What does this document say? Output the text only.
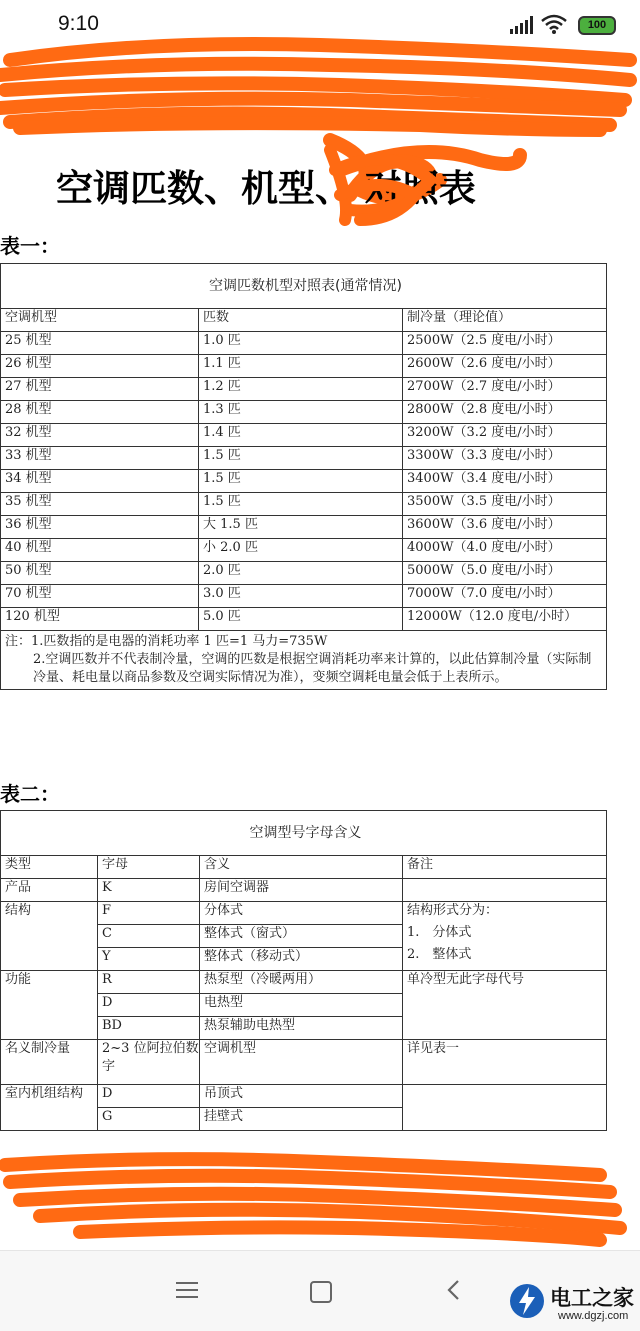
9:10	100
空调匹数、机型、 对照表
表一：
空调匹数机型对照表(通常情况)		
空调机型	匹数	制冷量（理论值）
25 机型	1.0 匹	2500W（2.5 度电/小时）
26 机型	1.1 匹	2600W（2.6 度电/小时）
27 机型	1.2 匹	2700W（2.7 度电/小时）
28 机型	1.3 匹	2800W（2.8 度电/小时）
32 机型	1.4 匹	3200W（3.2 度电/小时）
33 机型	1.5 匹	3300W（3.3 度电/小时）
34 机型	1.5 匹	3400W（3.4 度电/小时）
35 机型	1.5 匹	3500W（3.5 度电/小时）
36 机型	大 1.5 匹	3600W（3.6 度电/小时）
40 机型	小 2.0 匹	4000W（4.0 度电/小时）
50 机型	2.0 匹	5000W（5.0 度电/小时）
70 机型	3.0 匹	7000W（7.0 度电/小时）
120 机型	5.0 匹	12000W（12.0 度电/小时）

注：1.匹数指的是电器的消耗功率 1 匹=1 马力=735W
2.空调匹数并不代表制冷量，空调的匹数是根据空调消耗功率来计算的，以此估算制冷量（实际制冷量、耗电量以商品参数及空调实际情况为准），变频空调耗电量会低于上表所示。		
表二：
空调型号字母含义			
类型	字母	含义	备注
产品	K	房间空调器	
结构	F	分体式	结构形式分为：
1.　分体式
2.　整体式

	C	整体式（窗式）	
	Y	整体式（移动式）	
功能	R	热泵型（冷暖两用）	单冷型无此字母代号
	D	电热型	
	BD	热泵辅助电热型	
名义制冷量	2~3 位阿拉伯数字	空调机型	详见表一
室内机组结构	D	吊顶式	
	G	挂壁式	
电工之家
www.dgzj.com
